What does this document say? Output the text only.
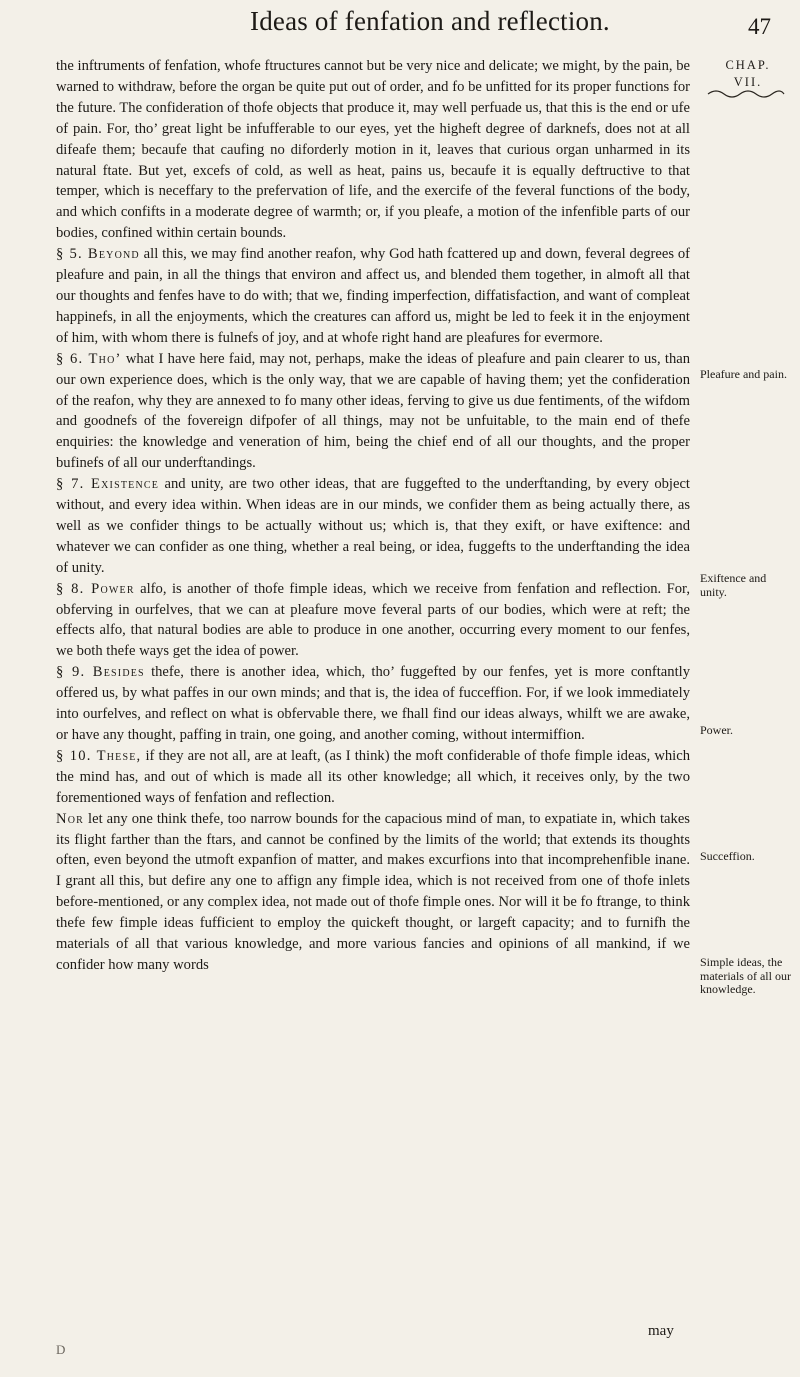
Ideas of fenfation and reflection.	47
CHAP.
VII.

the inftruments of fenfation, whofe ftructures cannot but be very nice and delicate; we might, by the pain, be warned to withdraw, before the organ be quite put out of order, and fo be unfitted for its proper functions for the future. The confideration of thofe objects that produce it, may well perfuade us, that this is the end or ufe of pain. For, tho’ great light be infufferable to our eyes, yet the higheft degree of darknefs, does not at all difeafe them; becaufe that caufing no diforderly motion in it, leaves that curious organ unharmed in its natural ftate. But yet, excefs of cold, as well as heat, pains us, becaufe it is equally deftructive to that temper, which is neceffary to the prefervation of life, and the exercife of the feveral functions of the body, and which confifts in a moderate degree of warmth; or, if you pleafe, a motion of the infenfible parts of our bodies, confined within certain bounds.

§ 5. Beyond all this, we may find another reafon, why God hath fcattered up and down, feveral degrees of pleafure and pain, in all the things that environ and affect us, and blended them together, in almoft all that our thoughts and fenfes have to do with; that we, finding imperfection, diffatisfaction, and want of compleat happinefs, in all the enjoyments, which the creatures can afford us, might be led to feek it in the enjoyment of him, with whom there is fulnefs of joy, and at whofe right hand are pleafures for evermore.

§ 6. Tho’ what I have here faid, may not, perhaps, make the ideas of pleafure and pain clearer to us, than our own experience does, which is the only way, that we are capable of having them; yet the confideration of the reafon, why they are annexed to fo many other ideas, ferving to give us due fentiments, of the wifdom and goodnefs of the fovereign difpofer of all things, may not be unfuitable, to the main end of thefe enquiries: the knowledge and veneration of him, being the chief end of all our thoughts, and the proper bufinefs of all our underftandings.

§ 7. Existence and unity, are two other ideas, that are fuggefted to the underftanding, by every object without, and every idea within. When ideas are in our minds, we confider them as being actually there, as well as we confider things to be actually without us; which is, that they exift, or have exiftence: and whatever we can confider as one thing, whether a real being, or idea, fuggefts to the underftanding the idea of unity.

§ 8. Power alfo, is another of thofe fimple ideas, which we receive from fenfation and reflection. For, obferving in ourfelves, that we can at pleafure move feveral parts of our bodies, which were at reft; the effects alfo, that natural bodies are able to produce in one another, occurring every moment to our fenfes, we both thefe ways get the idea of power.

§ 9. Besides thefe, there is another idea, which, tho’ fuggefted by our fenfes, yet is more conftantly offered us, by what paffes in our own minds; and that is, the idea of fucceffion. For, if we look immediately into ourfelves, and reflect on what is obfervable there, we fhall find our ideas always, whilft we are awake, or have any thought, paffing in train, one going, and another coming, without intermiffion.

§ 10. These, if they are not all, are at leaft, (as I think) the moft confiderable of thofe fimple ideas, which the mind has, and out of which is made all its other knowledge; all which, it receives only, by the two forementioned ways of fenfation and reflection.

Nor let any one think thefe, too narrow bounds for the capacious mind of man, to expatiate in, which takes its flight farther than the ftars, and cannot be confined by the limits of the world; that extends its thoughts often, even beyond the utmoft expanfion of matter, and makes excurfions into that incomprehenfible inane. I grant all this, but defire any one to affign any fimple idea, which is not received from one of thofe inlets before-mentioned, or any complex idea, not made out of thofe fimple ones. Nor will it be fo ftrange, to think thefe few fimple ideas fufficient to employ the quickeft thought, or largeft capacity; and to furnifh the materials of all that various knowledge, and more various fancies and opinions of all mankind, if we confider how many words

Pleafure and pain.
Exiftence and unity.
Power.
Succeffion.
Simple ideas, the materials of all our knowledge.
may
D
